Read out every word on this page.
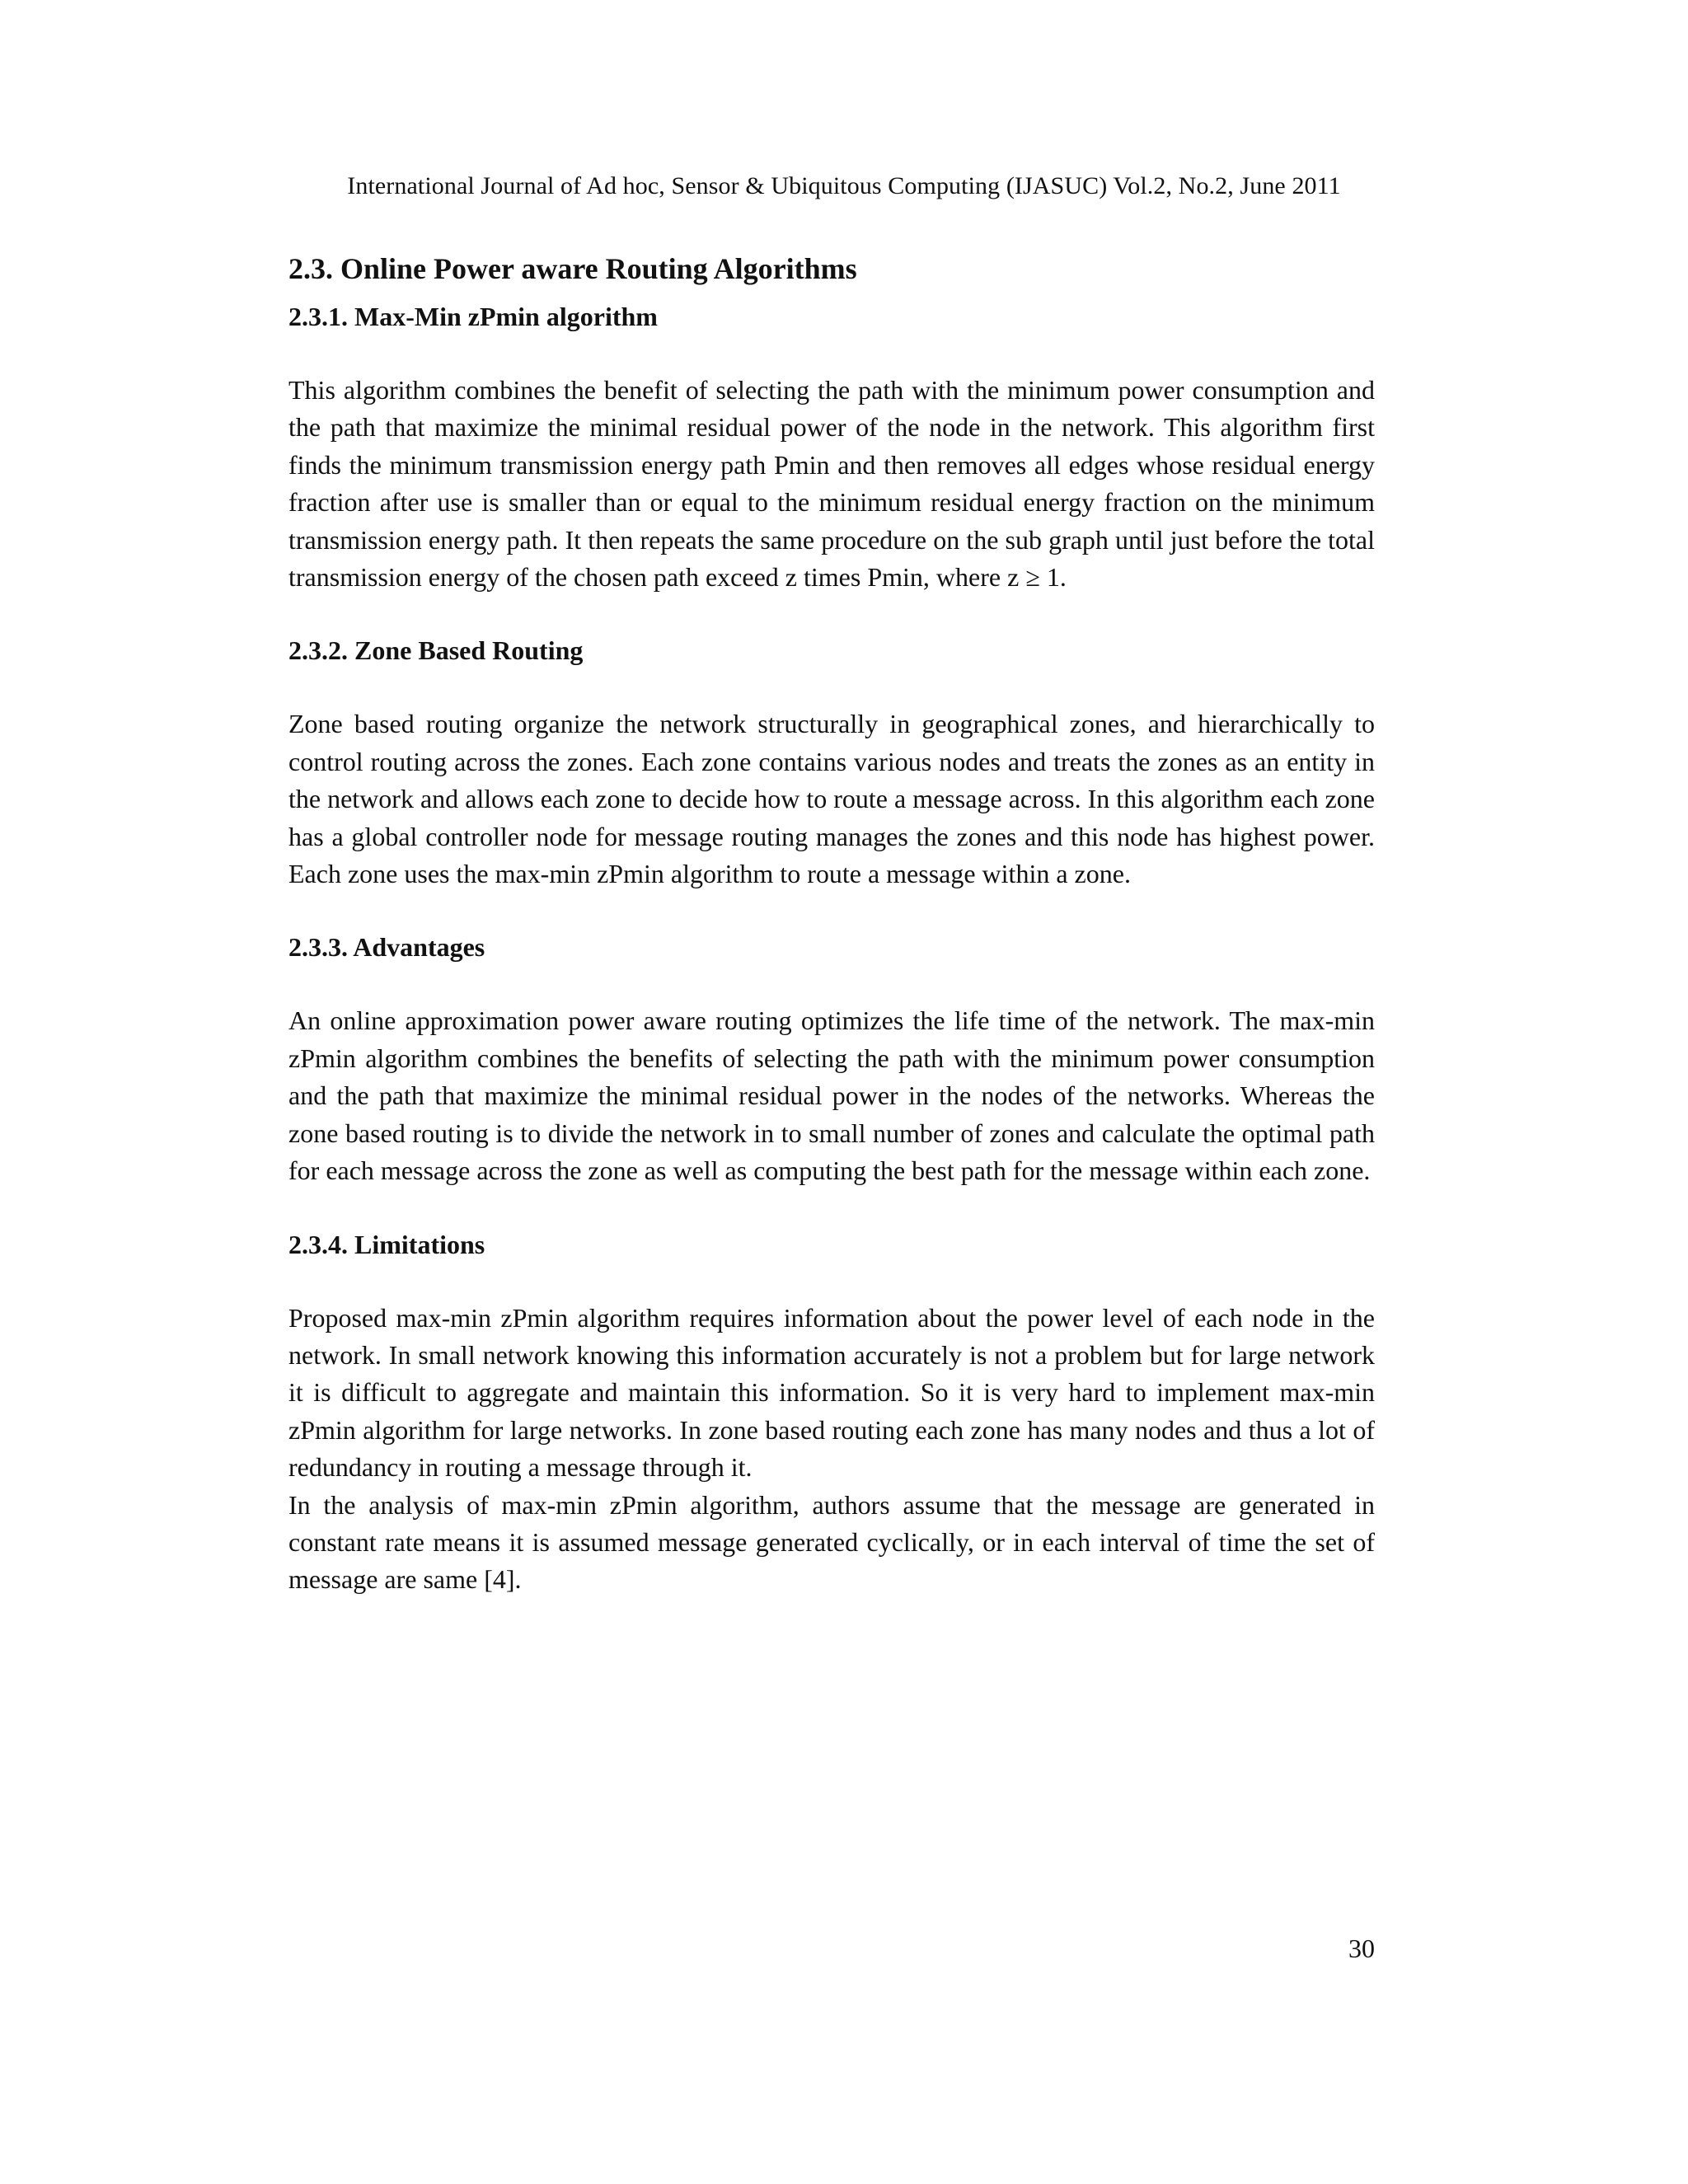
International Journal of Ad hoc, Sensor & Ubiquitous Computing (IJASUC) Vol.2, No.2, June 2011
2.3. Online Power aware Routing Algorithms
2.3.1. Max-Min zPmin algorithm
This algorithm combines the benefit of selecting the path with the minimum power consumption and the path that maximize the minimal residual power of the node in the network. This algorithm first finds the minimum transmission energy path Pmin and then removes all edges whose residual energy fraction after use is smaller than or equal to the minimum residual energy fraction on the minimum transmission energy path. It then repeats the same procedure on the sub graph until just before the total transmission energy of the chosen path exceed z times Pmin, where z ≥ 1.
2.3.2. Zone Based Routing
Zone based routing organize the network structurally in geographical zones, and hierarchically to control routing across the zones. Each zone contains various nodes and treats the zones as an entity in the network and allows each zone to decide how to route a message across. In this algorithm each zone has a global controller node for message routing manages the zones and this node has highest power. Each zone uses the max-min zPmin algorithm to route a message within a zone.
2.3.3. Advantages
An online approximation power aware routing optimizes the life time of the network. The max-min zPmin algorithm combines the benefits of selecting the path with the minimum power consumption and the path that maximize the minimal residual power in the nodes of the networks. Whereas the zone based routing is to divide the network in to small number of zones and calculate the optimal path for each message across the zone as well as computing the best path for the message within each zone.
2.3.4. Limitations
Proposed max-min zPmin algorithm requires information about the power level of each node in the network. In small network knowing this information accurately is not a problem but for large network it is difficult to aggregate and maintain this information. So it is very hard to implement max-min zPmin algorithm for large networks. In zone based routing each zone has many nodes and thus a lot of redundancy in routing a message through it.
In the analysis of max-min zPmin algorithm, authors assume that the message are generated in constant rate means it is assumed message generated cyclically, or in each interval of time the set of message are same [4].
30
